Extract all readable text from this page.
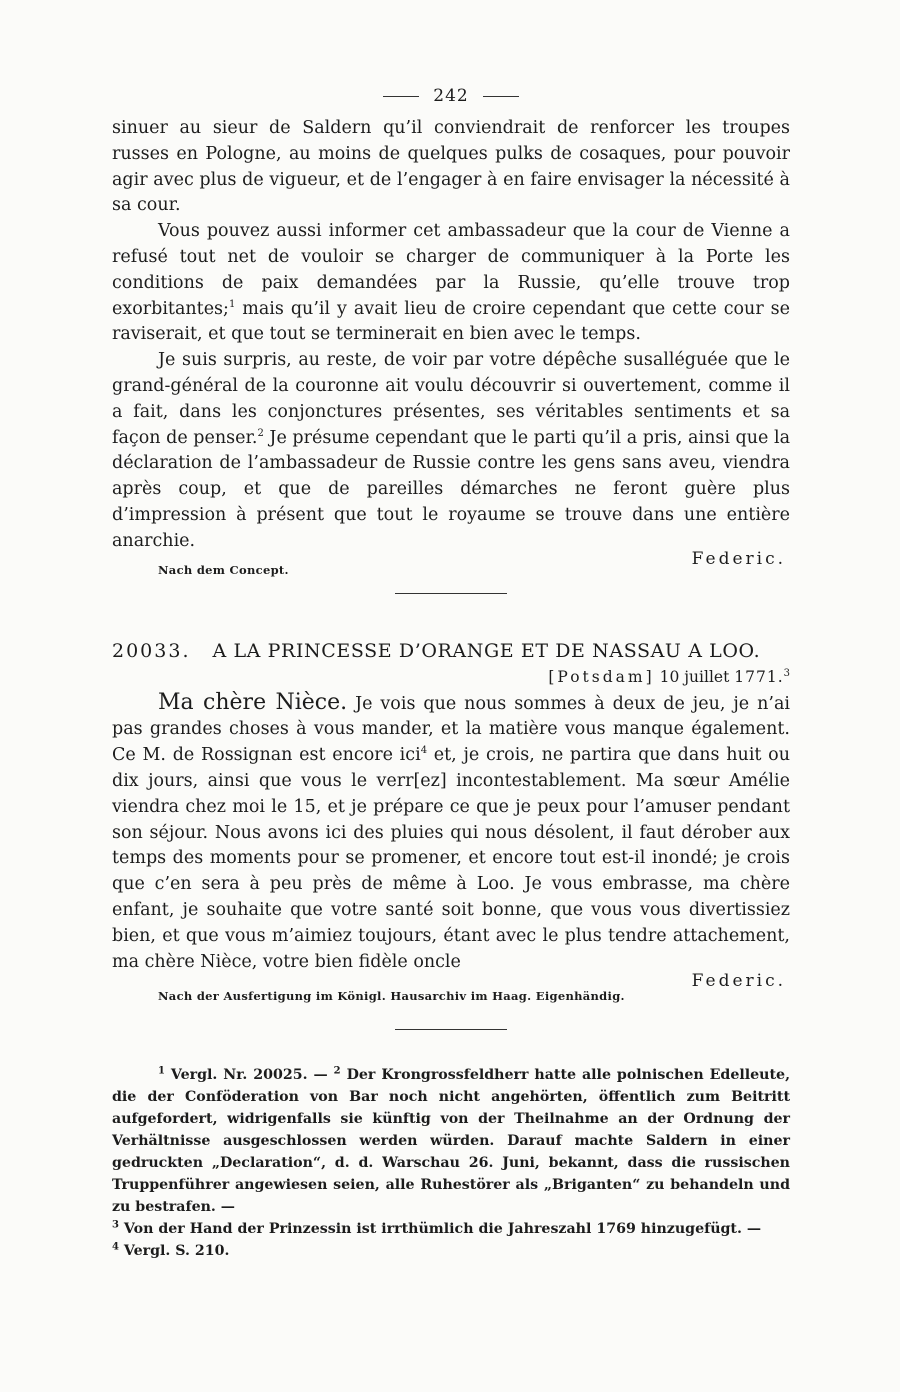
242

sinuer au sieur de Saldern qu’il conviendrait de renforcer les troupes russes en Pologne, au moins de quelques pulks de cosaques, pour pouvoir agir avec plus de vigueur, et de l’engager à en faire envisager la nécessité à sa cour.

Vous pouvez aussi informer cet ambassadeur que la cour de Vienne a refusé tout net de vouloir se charger de communiquer à la Porte les conditions de paix demandées par la Russie, qu’elle trouve trop exorbitantes;$^1$ mais qu’il y avait lieu de croire cependant que cette cour se raviserait, et que tout se terminerait en bien avec le temps.

Je suis surpris, au reste, de voir par votre dépêche susalléguée que le grand-général de la couronne ait voulu découvrir si ouvertement, comme il a fait, dans les conjonctures présentes, ses véritables sentiments et sa façon de penser.$^2$ Je présume cependant que le parti qu’il a pris, ainsi que la déclaration de l’ambassadeur de Russie contre les gens sans aveu, viendra après coup, et que de pareilles démarches ne feront guère plus d’impression à présent que tout le royaume se trouve dans une entière anarchie.

Federic.
Nach dem Concept.
20033. A LA PRINCESSE D’ORANGE ET DE NASSAU A LOO.
[Potsdam] 10 juillet 1771.$^3$

Ma chère Nièce. Je vois que nous sommes à deux de jeu, je n’ai pas grandes choses à vous mander, et la matière vous manque également. Ce M. de Rossignan est encore ici$^4$ et, je crois, ne partira que dans huit ou dix jours, ainsi que vous le verr[ez] incontestablement. Ma sœur Amélie viendra chez moi le 15, et je prépare ce que je peux pour l’amuser pendant son séjour. Nous avons ici des pluies qui nous désolent, il faut dérober aux temps des moments pour se promener, et encore tout est-il inondé; je crois que c’en sera à peu près de même à Loo. Je vous embrasse, ma chère enfant, je souhaite que votre santé soit bonne, que vous vous divertissiez bien, et que vous m’aimiez toujours, étant avec le plus tendre attachement, ma chère Nièce, votre bien fidèle oncle

Federic.
Nach der Ausfertigung im Königl. Hausarchiv im Haag. Eigenhändig.

$^1$ Vergl. Nr. 20025. — $^2$ Der Krongrossfeldherr hatte alle polnischen Edelleute, die der Conföderation von Bar noch nicht angehörten, öffentlich zum Beitritt aufgefordert, widrigenfalls sie künftig von der Theilnahme an der Ordnung der Verhältnisse ausgeschlossen werden würden. Darauf machte Saldern in einer gedruckten „Declaration“, d. d. Warschau 26. Juni, bekannt, dass die russischen Truppenführer angewiesen seien, alle Ruhestörer als „Briganten“ zu behandeln und zu bestrafen. —

$^3$ Von der Hand der Prinzessin ist irrthümlich die Jahreszahl 1769 hinzugefügt. —

$^4$ Vergl. S. 210.
